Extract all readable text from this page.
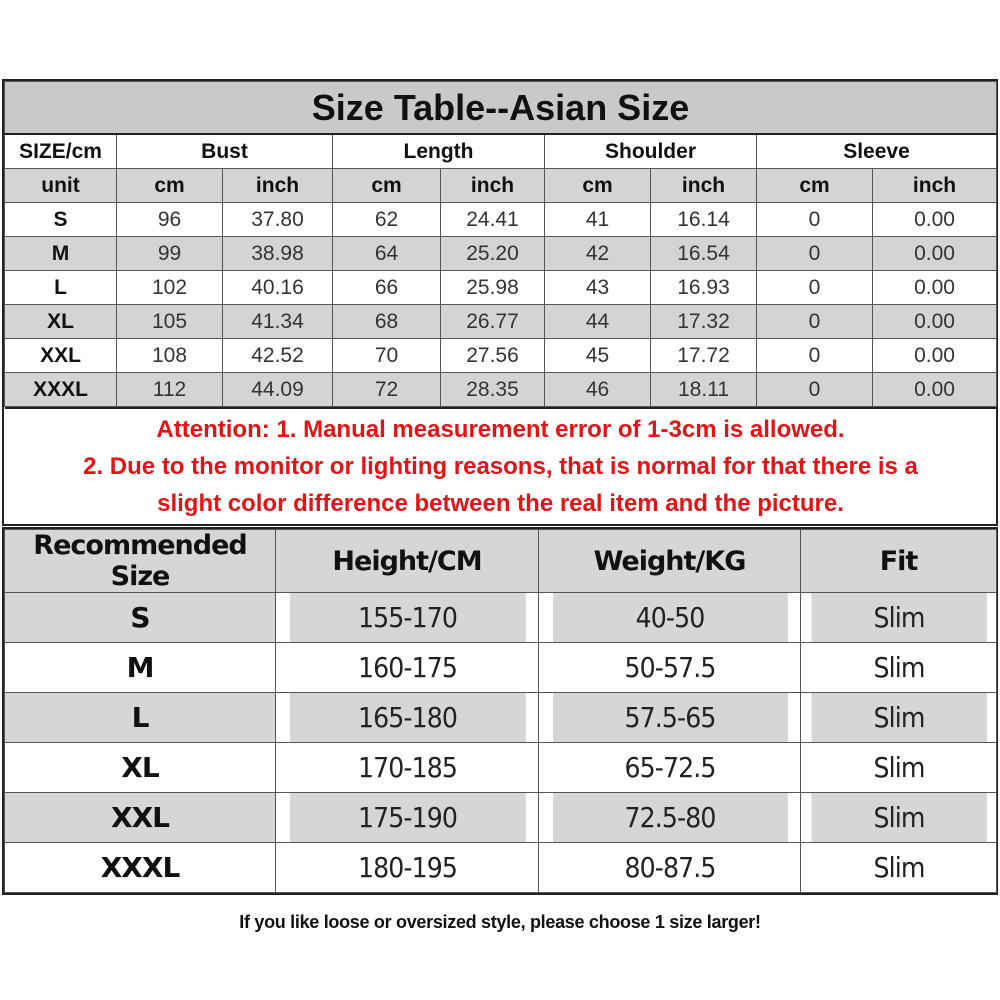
Size Table--Asian Size								
SIZE/cm	Bust		Length		Shoulder		Sleeve	
unit	cm	inch	cm	inch	cm	inch	cm	inch
S	96	37.80	62	24.41	41	16.14	0	0.00
M	99	38.98	64	25.20	42	16.54	0	0.00
L	102	40.16	66	25.98	43	16.93	0	0.00
XL	105	41.34	68	26.77	44	17.32	0	0.00
XXL	108	42.52	70	27.56	45	17.72	0	0.00
XXXL	112	44.09	72	28.35	46	18.11	0	0.00

Attention: 1. Manual measurement error of 1-3cm is allowed.
2. Due to the monitor or lighting reasons, that is normal for that there is a
slight color difference between the real item and the picture.								
Recommended Size	Height/CM	Weight/KG	Fit
S	155-170	40-50	Slim
M	160-175	50-57.5	Slim
L	165-180	57.5-65	Slim
XL	170-185	65-72.5	Slim
XXL	175-190	72.5-80	Slim
XXXL	180-195	80-87.5	Slim
If you like loose or oversized style, please choose 1 size larger!
